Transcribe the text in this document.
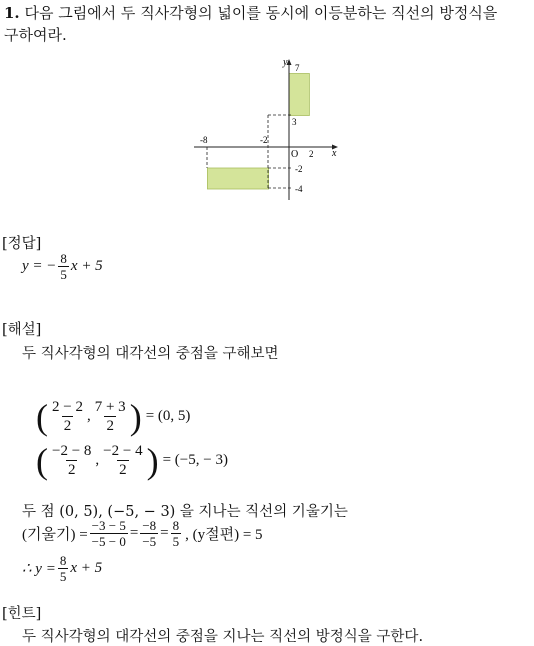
1. 다음 그림에서 두 직사각형의 넓이를 동시에 이등분하는 직선의 방정식을
구하여라.
y
x
O
-8	-2
2
7
3
-2
-4
[정답]
y = − $\frac{8}{5}$ x + 5
[해설]
두 직사각형의 대각선의 중점을 구해보면
( $\frac{2 - 2}{2}$ , $\frac{7 + 3}{2}$ ) = (0, 5)
( $\frac{-2 - 8}{2}$ , $\frac{-2 - 4}{2}$ ) = (−5, − 3)
두 점 (0, 5), (−5, − 3) 을 지나는 직선의 기울기는
(기울기) = $\frac{-3 - 5}{-5 - 0} = \frac{-8}{-5} = \frac{8}{5}$ , (y절편) = 5
∴ $y = \frac{8}{5}$ x + 5
[힌트]
두 직사각형의 대각선의 중점을 지나는 직선의 방정식을 구한다.
